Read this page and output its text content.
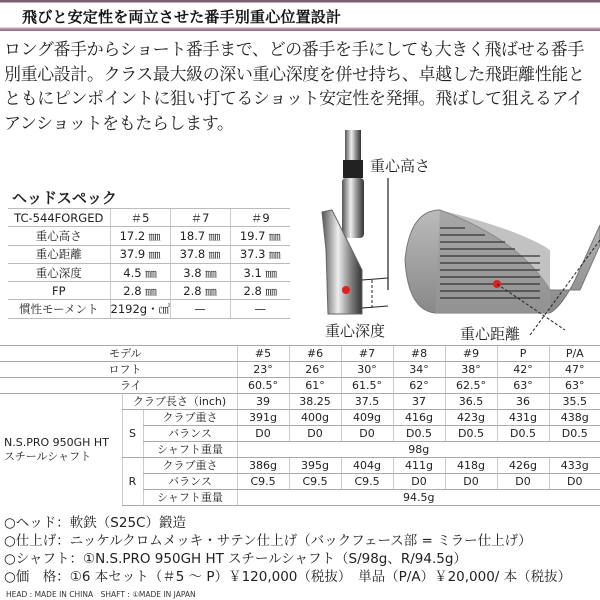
飛びと安定性を両立させた番手別重心位置設計
ロング番手からショート番手まで、どの番手を手にしても大きく飛ばせる番手
別重心設計。クラス最大級の深い重心深度を併せ持ち、卓越した飛距離性能と
ともにピンポイントに狙い打てるショット安定性を発揮。飛ばして狙えるアイ
アンショットをもたらします。
ヘッドスペック
TC-544FORGED	＃5	＃7	＃9
重心高さ	17.2 ㎜	18.7 ㎜	19.7 ㎜
重心距離	37.9 ㎜	37.8 ㎜	37.3 ㎜
重心深度	4.5 ㎜	3.8 ㎜	3.1 ㎜
FP	2.8 ㎜	2.8 ㎜	2.8 ㎜
慣性モーメント	2192g・㎠	—	—
重心高さ
重心深度	重心距離
モデル			#5	#6	#7	#8	#9	P	P/A
ロフト			23°	26°	30°	34°	38°	42°	47°
ライ			60.5°	61°	61.5°	62°	62.5°	63°	63°
N.S.PRO 950GH HT
スチールシャフト	クラブ長さ（inch)		39	38.25	37.5	37	36.5	36	35.5
	S	クラブ重さ	391g	400g	409g	416g	423g	431g	438g
		バランス	D0	D0	D0	D0.5	D0.5	D0.5	D0.5
		シャフト重量	98g						
	R	クラブ重さ	386g	395g	404g	411g	418g	426g	433g
		バランス	C9.5	C9.5	C9.5	D0	D0	D0	D0
		シャフト重量	94.5g						
○ヘッド：軟鉄（S25C）鍛造
○仕上げ：ニッケルクロムメッキ・サテン仕上げ（バックフェース部 = ミラー仕上げ）
○シャフト：①N.S.PRO 950GH HT スチールシャフト（S/98g、R/94.5g）
○価　格：①6 本セット（＃5 ～ P）￥120,000（税抜）　単品（P/A）￥20,000/ 本（税抜）
HEAD : MADE IN CHINA　SHAFT : ①MADE IN JAPAN
